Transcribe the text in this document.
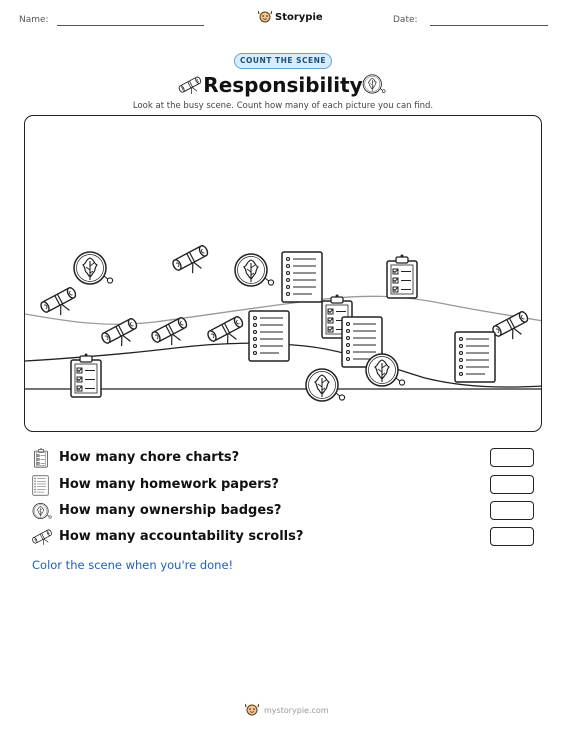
Name:	Storypie	Date:
COUNT THE SCENE
Responsibility
Look at the busy scene. Count how many of each picture you can find.
How many chore charts?
How many homework papers?
How many ownership badges?
How many accountability scrolls?
Color the scene when you're done!
mystorypie.com
